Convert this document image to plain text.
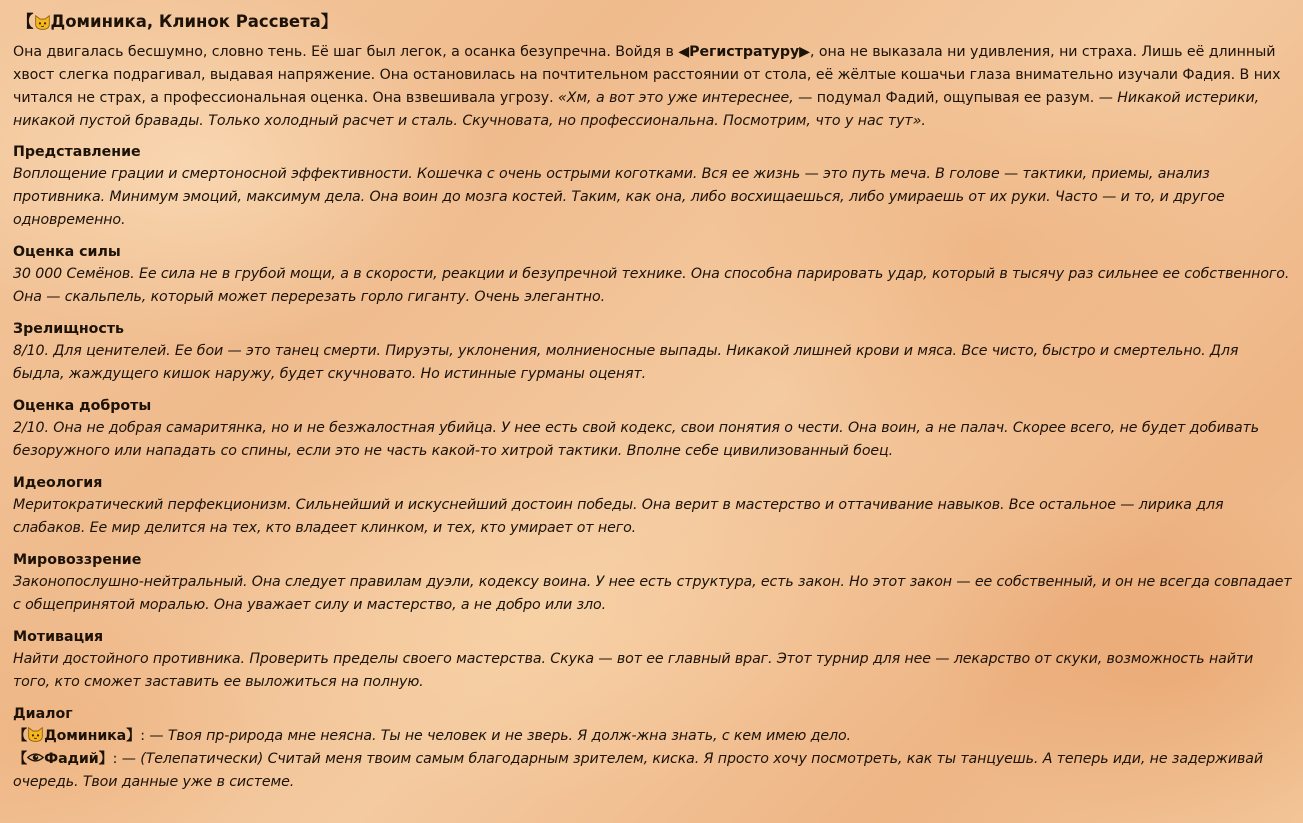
【 Доминика, Клинок Рассвета 】

Она двигалась бесшумно, словно тень. Её шаг был легок, а осанка безупречна. Войдя в ◀Регистратуру▶, она не выказала ни удивления, ни страха. Лишь её длинный хвост слегка подрагивал, выдавая напряжение. Она остановилась на почтительном расстоянии от стола, её жёлтые кошачьи глаза внимательно изучали Фадия. В них читался не страх, а профессиональная оценка. Она взвешивала угрозу. «Хм, а вот это уже интереснее, — подумал Фадий, ощупывая ее разум. — Никакой истерики, никакой пустой бравады. Только холодный расчет и сталь. Скучновата, но профессиональна. Посмотрим, что у нас тут».

Представление

Воплощение грации и смертоносной эффективности. Кошечка с очень острыми коготками. Вся ее жизнь — это путь меча. В голове — тактики, приемы, анализ противника. Минимум эмоций, максимум дела. Она воин до мозга костей. Таким, как она, либо восхищаешься, либо умираешь от их руки. Часто — и то, и другое одновременно.

Оценка силы

30 000 Семёнов. Ее сила не в грубой мощи, а в скорости, реакции и безупречной технике. Она способна парировать удар, который в тысячу раз сильнее ее собственного. Она — скальпель, который может перерезать горло гиганту. Очень элегантно.

Зрелищность

8/10. Для ценителей. Ее бои — это танец смерти. Пируэты, уклонения, молниеносные выпады. Никакой лишней крови и мяса. Все чисто, быстро и смертельно. Для быдла, жаждущего кишок наружу, будет скучновато. Но истинные гурманы оценят.

Оценка доброты

2/10. Она не добрая самаритянка, но и не безжалостная убийца. У нее есть свой кодекс, свои понятия о чести. Она воин, а не палач. Скорее всего, не будет добивать безоружного или нападать со спины, если это не часть какой-то хитрой тактики. Вполне себе цивилизованный боец.

Идеология

Меритократический перфекционизм. Сильнейший и искуснейший достоин победы. Она верит в мастерство и оттачивание навыков. Все остальное — лирика для слабаков. Ее мир делится на тех, кто владеет клинком, и тех, кто умирает от него.

Мировоззрение

Законопослушно-нейтральный. Она следует правилам дуэли, кодексу воина. У нее есть структура, есть закон. Но этот закон — ее собственный, и он не всегда совпадает с общепринятой моралью. Она уважает силу и мастерство, а не добро или зло.

Мотивация

Найти достойного противника. Проверить пределы своего мастерства. Скука — вот ее главный враг. Этот турнир для нее — лекарство от скуки, возможность найти того, кто сможет заставить ее выложиться на полную.

Диалог

【 Доминика】: — Твоя пр-рирода мне неясна. Ты не человек и не зверь. Я долж-жна знать, с кем имею дело.

【 Фадий】: — (Телепатически) Считай меня твоим самым благодарным зрителем, киска. Я просто хочу посмотреть, как ты танцуешь. А теперь иди, не задерживай очередь. Твои данные уже в системе.
